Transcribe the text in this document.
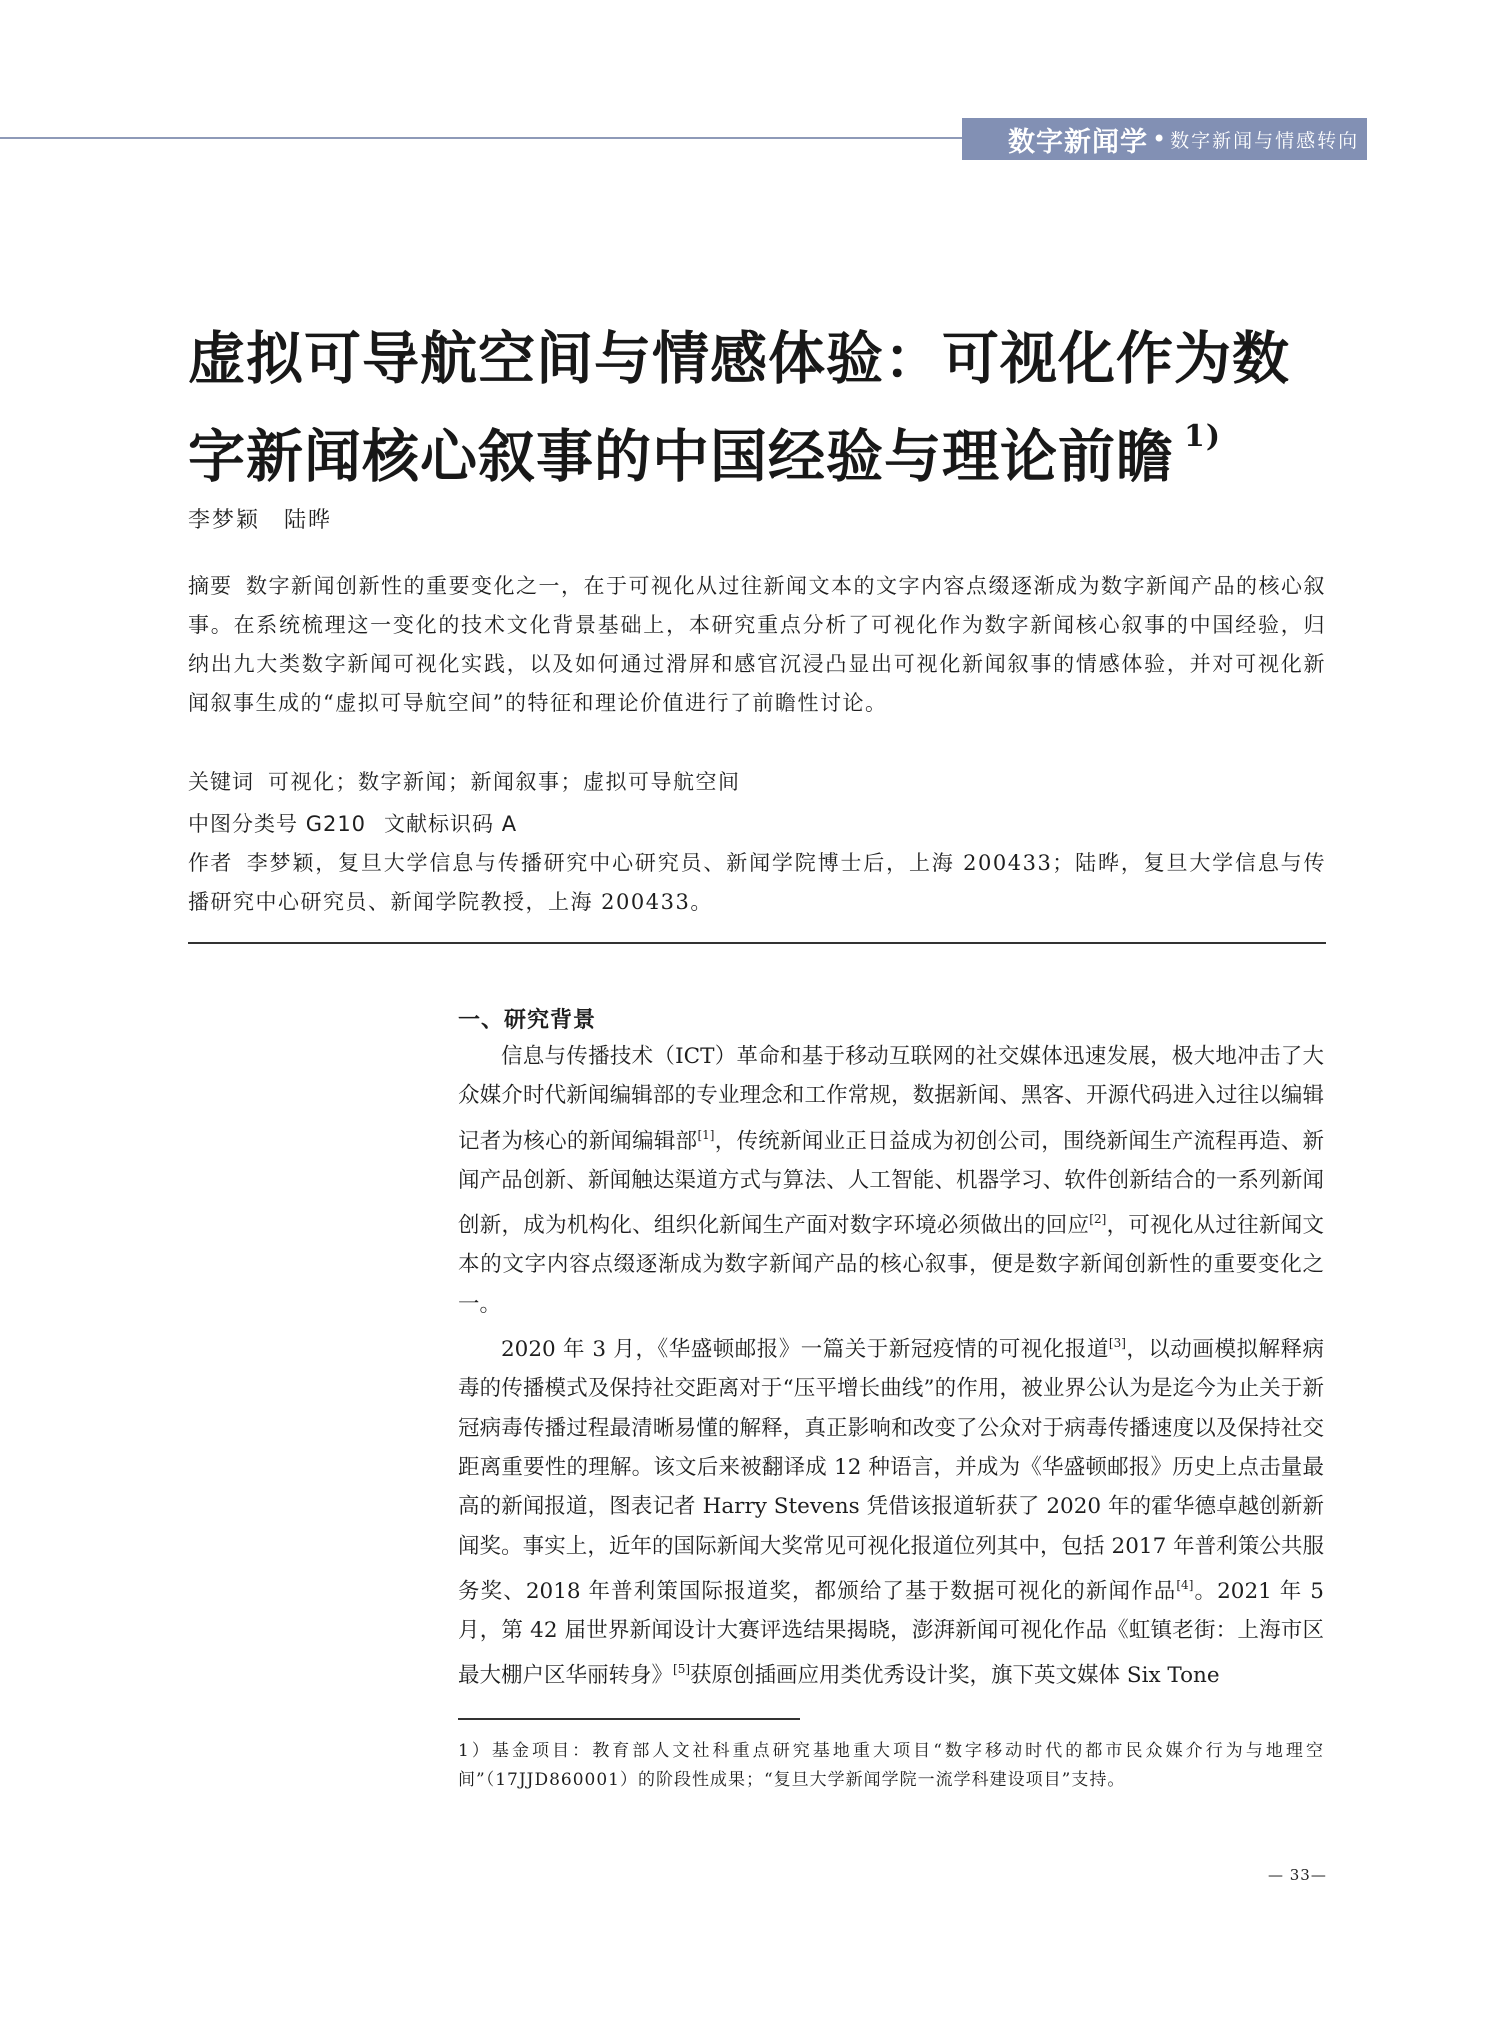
数字新闻学 • 数字新闻与情感转向
虚拟可导航空间与情感体验：可视化作为数字新闻核心叙事的中国经验与理论前瞻 $^{1)}$
李梦颖　陆晔

摘要 数字新闻创新性的重要变化之一，在于可视化从过往新闻文本的文字内容点缀逐渐成为数字新闻产品的核心叙事。在系统梳理这一变化的技术文化背景基础上，本研究重点分析了可视化作为数字新闻核心叙事的中国经验，归纳出九大类数字新闻可视化实践，以及如何通过滑屏和感官沉浸凸显出可视化新闻叙事的情感体验，并对可视化新闻叙事生成的“虚拟可导航空间”的特征和理论价值进行了前瞻性讨论。

关键词 可视化；数字新闻；新闻叙事；虚拟可导航空间
中图分类号 G210 文献标识码 A

作者 李梦颖，复旦大学信息与传播研究中心研究员、新闻学院博士后，上海 200433；陆晔，复旦大学信息与传播研究中心研究员、新闻学院教授，上海 200433。

一、研究背景

信息与传播技术（ICT）革命和基于移动互联网的社交媒体迅速发展，极大地冲击了大众媒介时代新闻编辑部的专业理念和工作常规，数据新闻、黑客、开源代码进入过往以编辑记者为核心的新闻编辑部[1]，传统新闻业正日益成为初创公司，围绕新闻生产流程再造、新闻产品创新、新闻触达渠道方式与算法、人工智能、机器学习、软件创新结合的一系列新闻创新，成为机构化、组织化新闻生产面对数字环境必须做出的回应[2]，可视化从过往新闻文本的文字内容点缀逐渐成为数字新闻产品的核心叙事，便是数字新闻创新性的重要变化之一。

2020 年 3 月，《华盛顿邮报》一篇关于新冠疫情的可视化报道[3]，以动画模拟解释病毒的传播模式及保持社交距离对于“压平增长曲线”的作用，被业界公认为是迄今为止关于新冠病毒传播过程最清晰易懂的解释，真正影响和改变了公众对于病毒传播速度以及保持社交距离重要性的理解。该文后来被翻译成 12 种语言，并成为《华盛顿邮报》历史上点击量最高的新闻报道，图表记者 Harry Stevens 凭借该报道斩获了 2020 年的霍华德卓越创新新闻奖。事实上，近年的国际新闻大奖常见可视化报道位列其中，包括 2017 年普利策公共服务奖、2018 年普利策国际报道奖，都颁给了基于数据可视化的新闻作品[4]。2021 年 5 月，第 42 届世界新闻设计大赛评选结果揭晓，澎湃新闻可视化作品《虹镇老街：上海市区最大棚户区华丽转身》[5]获原创插画应用类优秀设计奖，旗下英文媒体 Six Tone

1）基金项目：教育部人文社科重点研究基地重大项目“数字移动时代的都市民众媒介行为与地理空间”（17JJD860001）的阶段性成果；“复旦大学新闻学院一流学科建设项目”支持。

— 33—
